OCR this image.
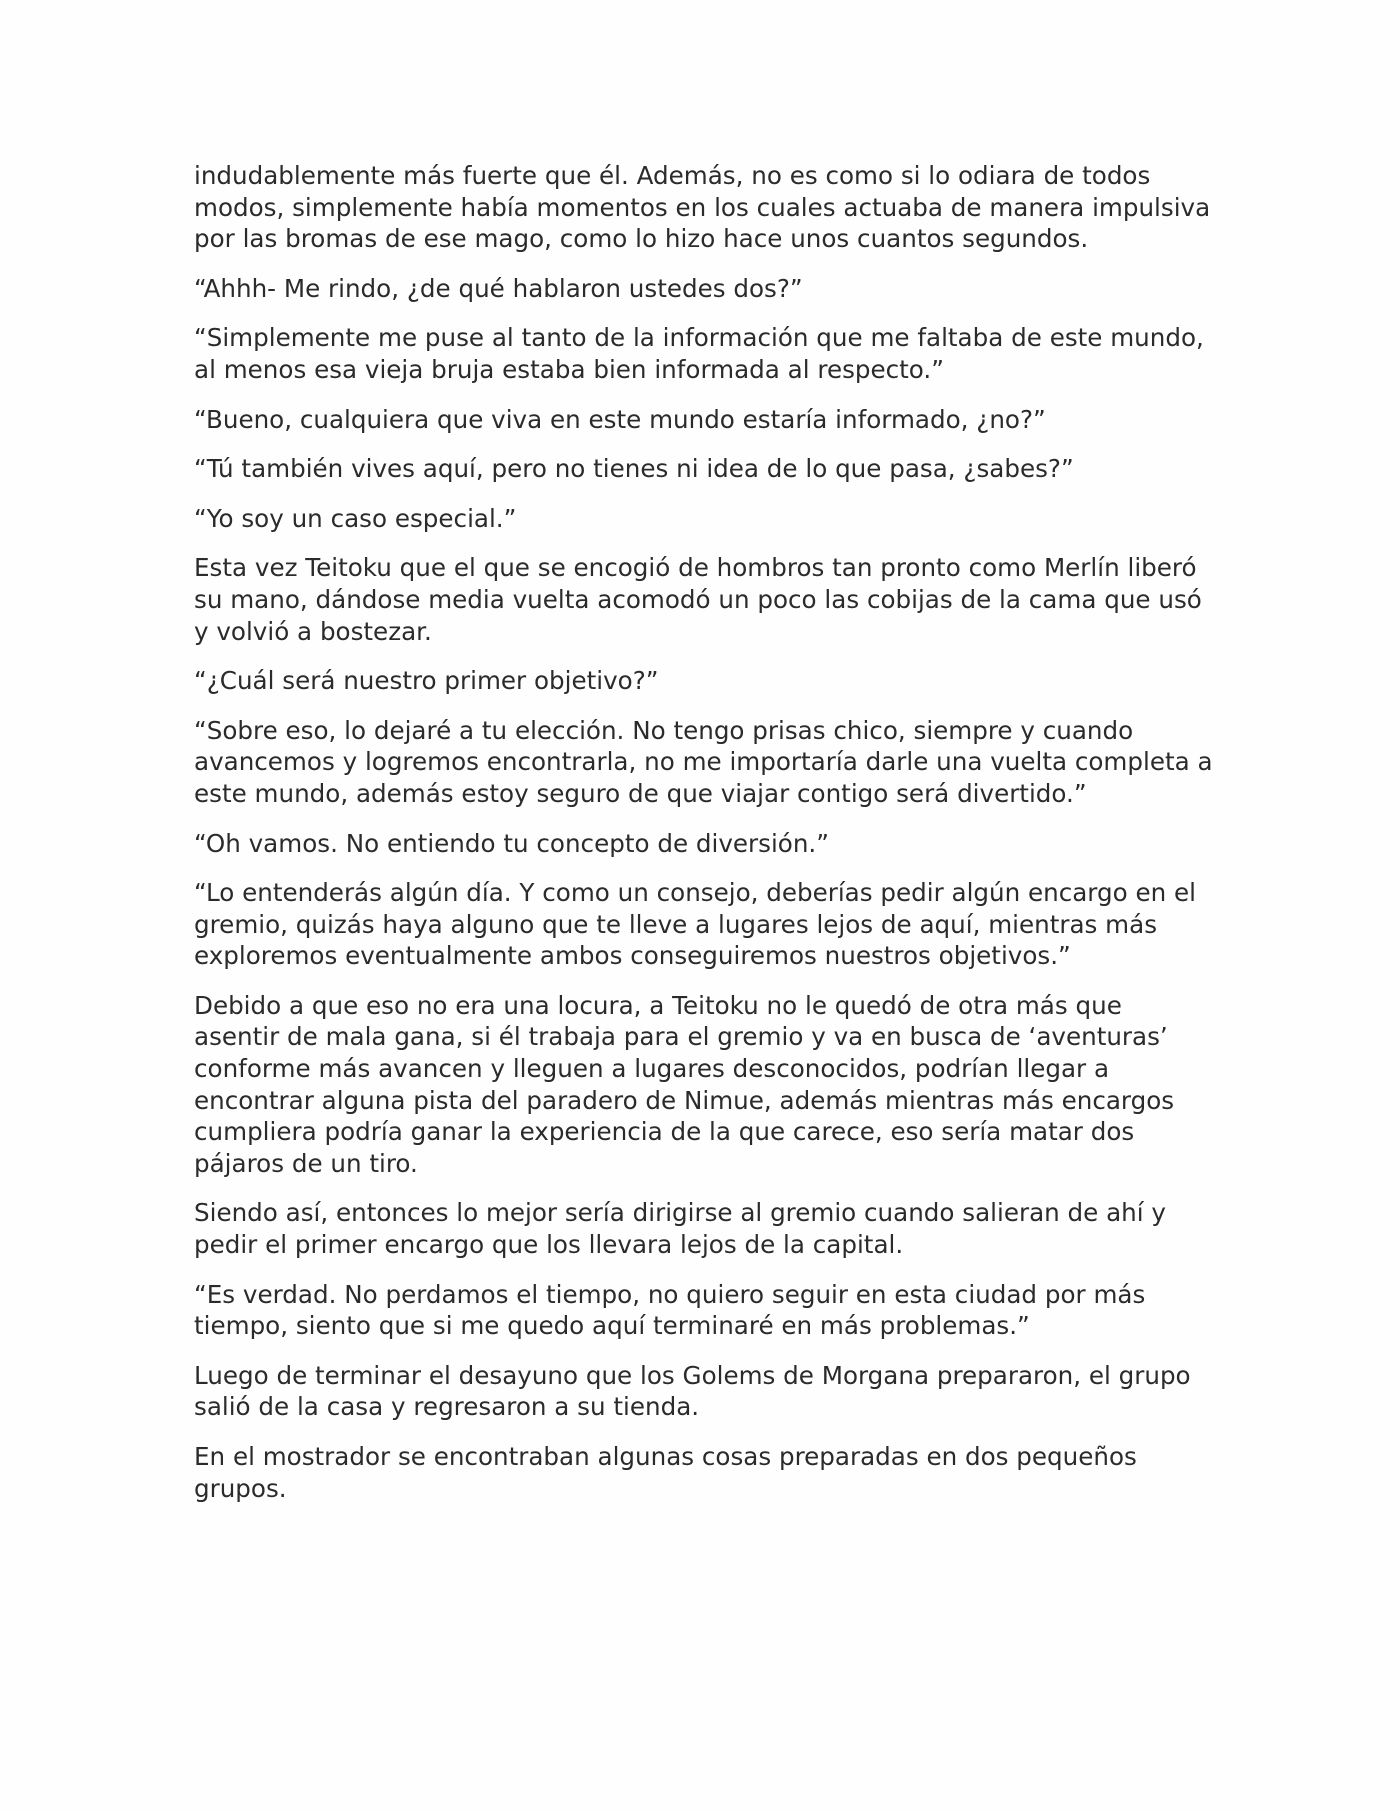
indudablemente más fuerte que él. Además, no es como si lo odiara de todos modos, simplemente había momentos en los cuales actuaba de manera impulsiva por las bromas de ese mago, como lo hizo hace unos cuantos segundos.

“Ahhh- Me rindo, ¿de qué hablaron ustedes dos?”

“Simplemente me puse al tanto de la información que me faltaba de este mundo, al menos esa vieja bruja estaba bien informada al respecto.”

“Bueno, cualquiera que viva en este mundo estaría informado, ¿no?”

“Tú también vives aquí, pero no tienes ni idea de lo que pasa, ¿sabes?”

“Yo soy un caso especial.”

Esta vez Teitoku que el que se encogió de hombros tan pronto como Merlín liberó su mano, dándose media vuelta acomodó un poco las cobijas de la cama que usó y volvió a bostezar.

“¿Cuál será nuestro primer objetivo?”

“Sobre eso, lo dejaré a tu elección. No tengo prisas chico, siempre y cuando avancemos y logremos encontrarla, no me importaría darle una vuelta completa a este mundo, además estoy seguro de que viajar contigo será divertido.”

“Oh vamos. No entiendo tu concepto de diversión.”

“Lo entenderás algún día. Y como un consejo, deberías pedir algún encargo en el gremio, quizás haya alguno que te lleve a lugares lejos de aquí, mientras más exploremos eventualmente ambos conseguiremos nuestros objetivos.”

Debido a que eso no era una locura, a Teitoku no le quedó de otra más que asentir de mala gana, si él trabaja para el gremio y va en busca de ‘aventuras’ conforme más avancen y lleguen a lugares desconocidos, podrían llegar a encontrar alguna pista del paradero de Nimue, además mientras más encargos cumpliera podría ganar la experiencia de la que carece, eso sería matar dos pájaros de un tiro.

Siendo así, entonces lo mejor sería dirigirse al gremio cuando salieran de ahí y pedir el primer encargo que los llevara lejos de la capital.

“Es verdad. No perdamos el tiempo, no quiero seguir en esta ciudad por más tiempo, siento que si me quedo aquí terminaré en más problemas.”

Luego de terminar el desayuno que los Golems de Morgana prepararon, el grupo salió de la casa y regresaron a su tienda.

En el mostrador se encontraban algunas cosas preparadas en dos pequeños grupos.
